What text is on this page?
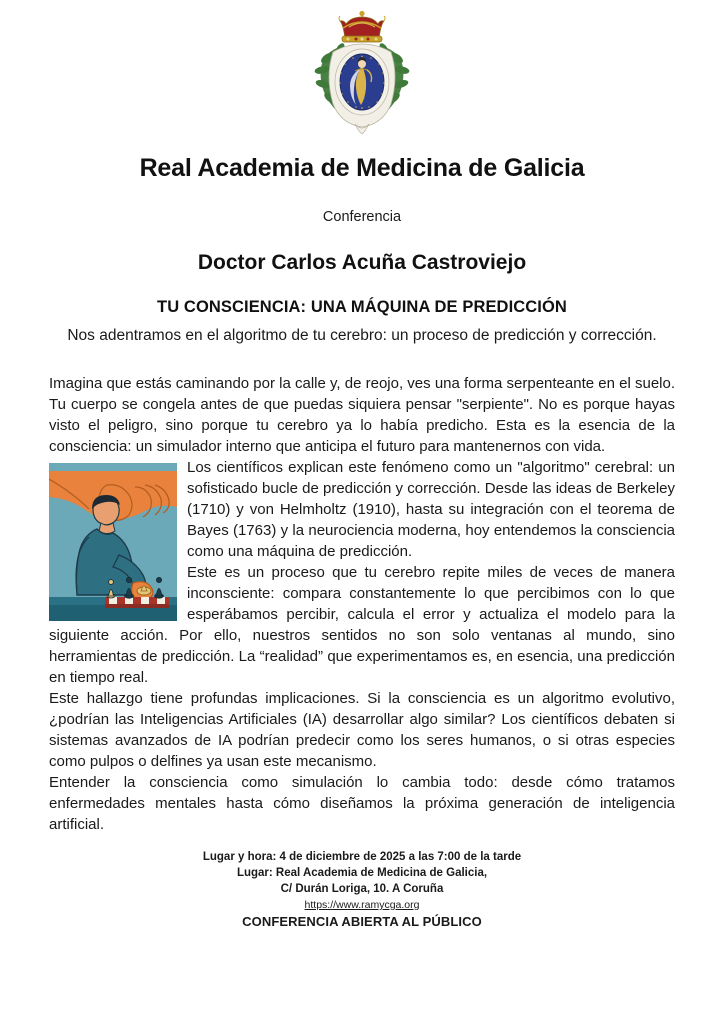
Real Academia de Medicina de Galicia
Conferencia
Doctor Carlos Acuña Castroviejo
TU CONSCIENCIA: UNA MÁQUINA DE PREDICCIÓN
Nos adentramos en el algoritmo de tu cerebro: un proceso de predicción y corrección.

Imagina que estás caminando por la calle y, de reojo, ves una forma serpenteante en el suelo. Tu cuerpo se congela antes de que puedas siquiera pensar "serpiente". No es porque hayas visto el peligro, sino porque tu cerebro ya lo había predicho. Esta es la esencia de la consciencia: un simulador interno que anticipa el futuro para mantenernos con vida.

Los científicos explican este fenómeno como un "algoritmo" cerebral: un sofisticado bucle de predicción y corrección. Desde las ideas de Berkeley (1710) y von Helmholtz (1910), hasta su integración con el teorema de Bayes (1763) y la neurociencia moderna, hoy entendemos la consciencia como una máquina de predicción.

Este es un proceso que tu cerebro repite miles de veces de manera inconsciente: compara constantemente lo que percibimos con lo que esperábamos percibir, calcula el error y actualiza el modelo para la siguiente acción. Por ello, nuestros sentidos no son solo ventanas al mundo, sino herramientas de predicción. La “realidad” que experimentamos es, en esencia, una predicción en tiempo real.

Este hallazgo tiene profundas implicaciones. Si la consciencia es un algoritmo evolutivo, ¿podrían las Inteligencias Artificiales (IA) desarrollar algo similar? Los científicos debaten si sistemas avanzados de IA podrían predecir como los seres humanos, o si otras especies como pulpos o delfines ya usan este mecanismo.

Entender la consciencia como simulación lo cambia todo: desde cómo tratamos enfermedades mentales hasta cómo diseñamos la próxima generación de inteligencia artificial.

Lugar y hora: 4 de diciembre de 2025 a las 7:00 de la tarde
Lugar: Real Academia de Medicina de Galicia,
C/ Durán Loriga, 10. A Coruña
https://www.ramycga.org
CONFERENCIA ABIERTA AL PÚBLICO
